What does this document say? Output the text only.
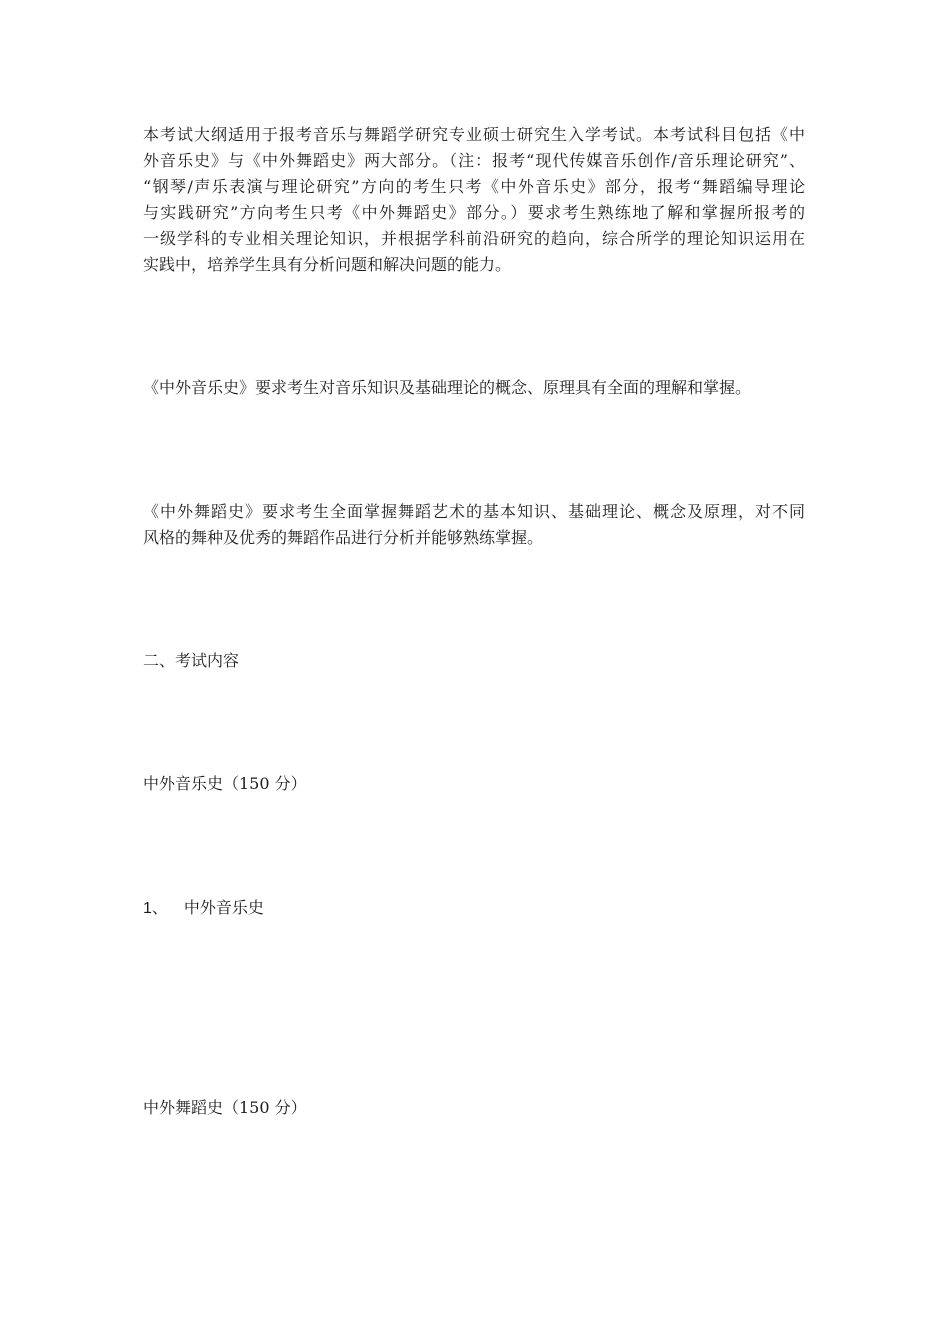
本考试大纲适用于报考音乐与舞蹈学研究专业硕士研究生入学考试。本考试科目包括《中
外音乐史》与《中外舞蹈史》两大部分。（注：报考“现代传媒音乐创作/音乐理论研究”、
“钢琴/声乐表演与理论研究”方向的考生只考《中外音乐史》部分，报考“舞蹈编导理论
与实践研究”方向考生只考《中外舞蹈史》部分。）要求考生熟练地了解和掌握所报考的
一级学科的专业相关理论知识，并根据学科前沿研究的趋向，综合所学的理论知识运用在
实践中，培养学生具有分析问题和解决问题的能力。
《中外音乐史》要求考生对音乐知识及基础理论的概念、原理具有全面的理解和掌握。
《中外舞蹈史》要求考生全面掌握舞蹈艺术的基本知识、基础理论、概念及原理，对不同
风格的舞种及优秀的舞蹈作品进行分析并能够熟练掌握。
二、考试内容
中外音乐史（150 分）
1、 中外音乐史
中外舞蹈史（150 分）
